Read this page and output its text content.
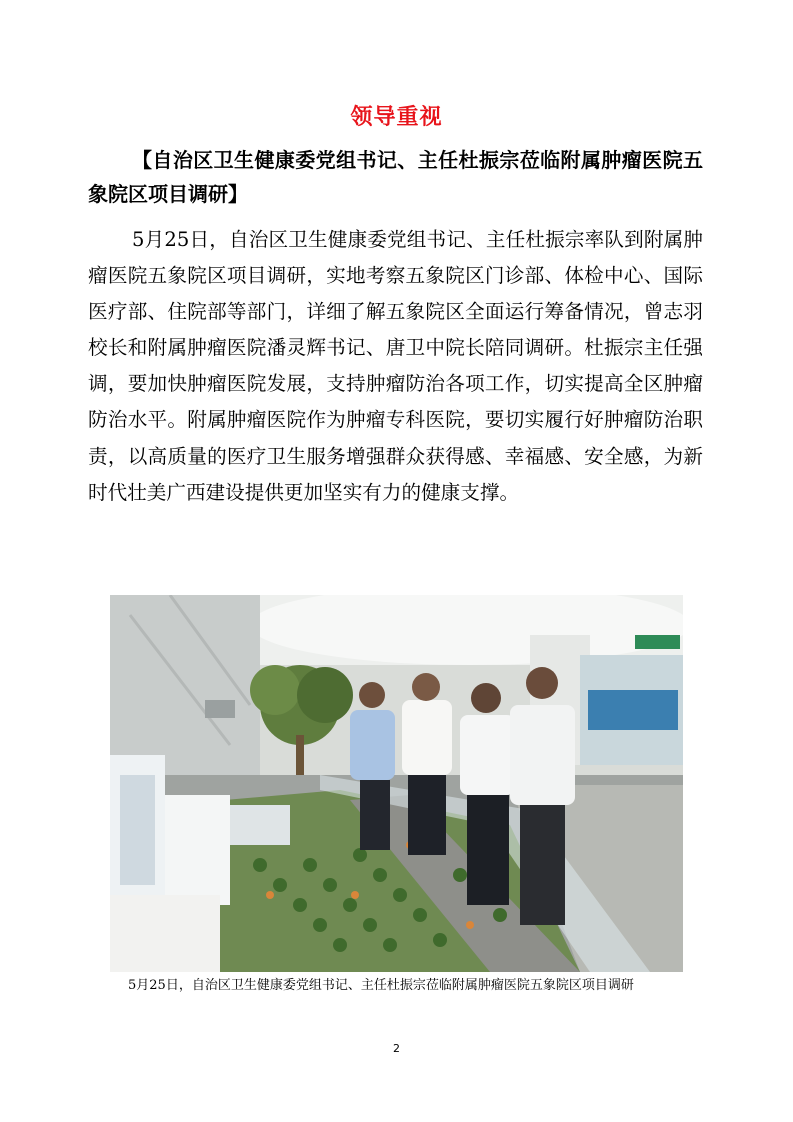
领导重视
【自治区卫生健康委党组书记、主任杜振宗莅临附属肿瘤医院五象院区项目调研】
5月25日，自治区卫生健康委党组书记、主任杜振宗率队到附属肿瘤医院五象院区项目调研，实地考察五象院区门诊部、体检中心、国际医疗部、住院部等部门，详细了解五象院区全面运行筹备情况，曾志羽校长和附属肿瘤医院潘灵辉书记、唐卫中院长陪同调研。杜振宗主任强调，要加快肿瘤医院发展，支持肿瘤防治各项工作，切实提高全区肿瘤防治水平。附属肿瘤医院作为肿瘤专科医院，要切实履行好肿瘤防治职责，以高质量的医疗卫生服务增强群众获得感、幸福感、安全感，为新时代壮美广西建设提供更加坚实有力的健康支撑。
5月25日，自治区卫生健康委党组书记、主任杜振宗莅临附属肿瘤医院五象院区项目调研
2
